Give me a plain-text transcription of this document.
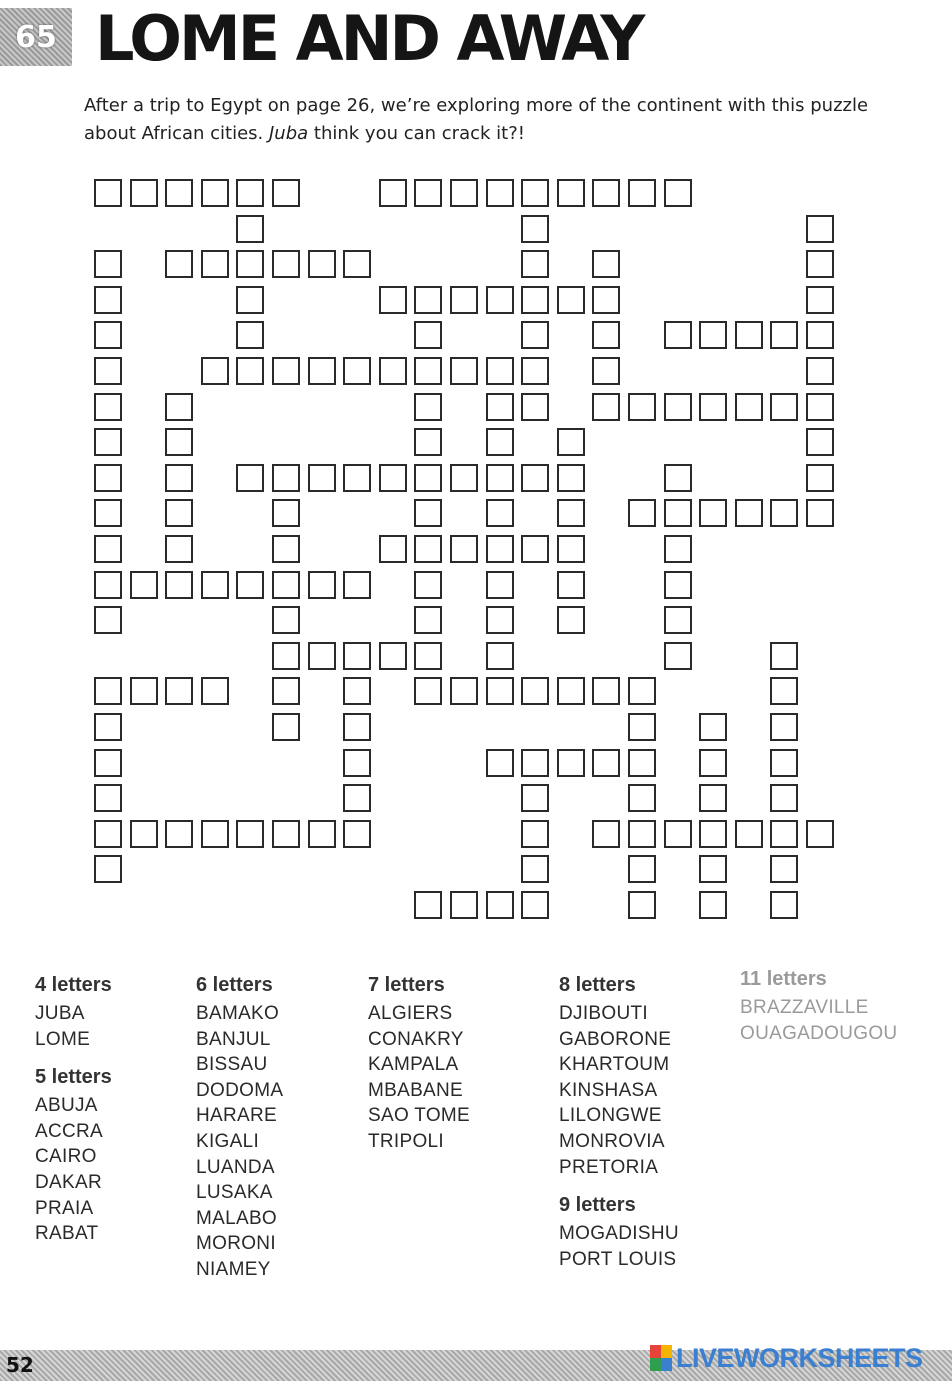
65 LOME AND AWAY

After a trip to Egypt on page 26, we’re exploring more of the continent with this puzzle about African cities. Juba think you can crack it?!

4 letters
JUBA
LOME
5 letters
ABUJA
ACCRA
CAIRO
DAKAR
PRAIA
RABAT
6 letters
BAMAKO
BANJUL
BISSAU
DODOMA
HARARE
KIGALI
LUANDA
LUSAKA
MALABO
MORONI
NIAMEY
7 letters
ALGIERS
CONAKRY
KAMPALA
MBABANE
SAO TOME
TRIPOLI
8 letters
DJIBOUTI
GABORONE
KHARTOUM
KINSHASA
LILONGWE
MONROVIA
PRETORIA
9 letters
MOGADISHU
PORT LOUIS
11 letters
BRAZZAVILLE
OUAGADOUGOU
52	LIVEWORKSHEETS
